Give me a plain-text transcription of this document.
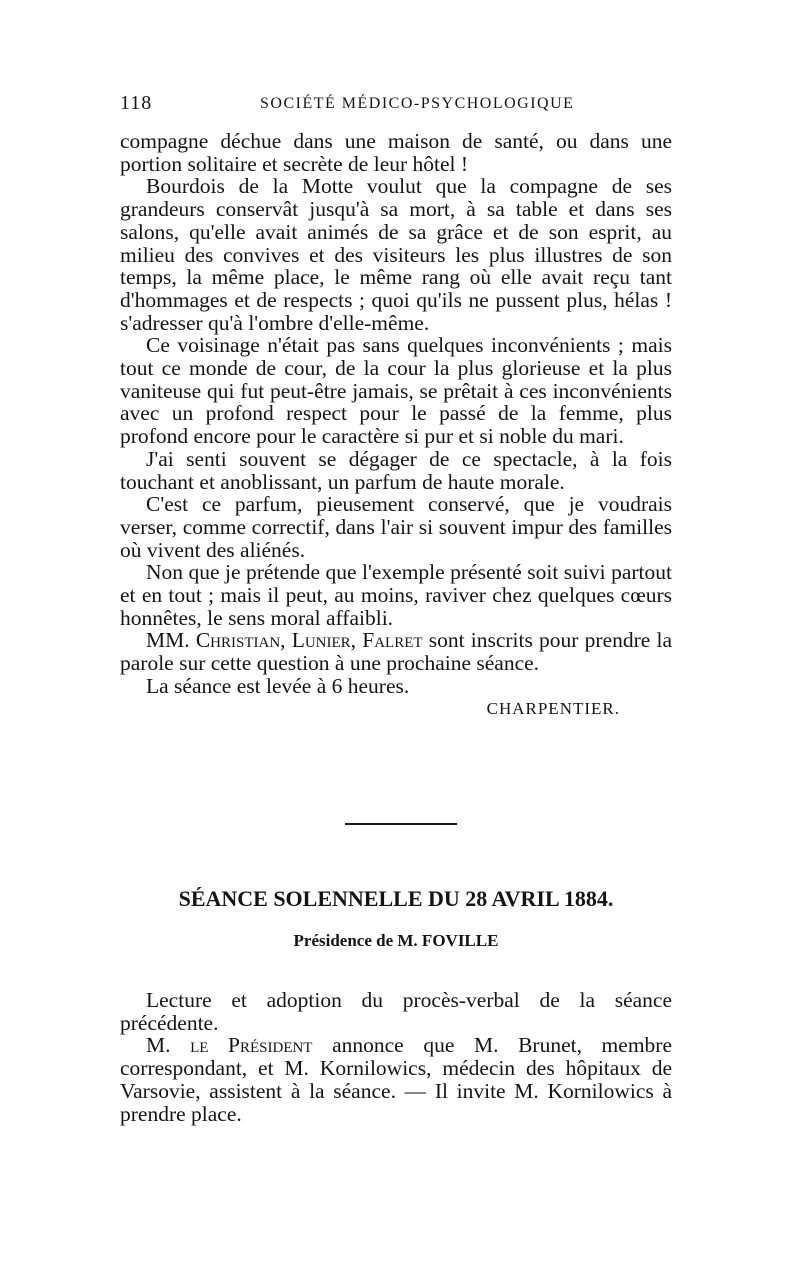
118	SOCIÉTÉ MÉDICO-PSYCHOLOGIQUE

compagne déchue dans une maison de santé, ou dans une portion solitaire et secrète de leur hôtel !

Bourdois de la Motte voulut que la compagne de ses grandeurs conservât jusqu'à sa mort, à sa table et dans ses salons, qu'elle avait animés de sa grâce et de son esprit, au milieu des convives et des visiteurs les plus illustres de son temps, la même place, le même rang où elle avait reçu tant d'hommages et de respects ; quoi qu'ils ne pussent plus, hélas ! s'adresser qu'à l'ombre d'elle-même.

Ce voisinage n'était pas sans quelques inconvénients ; mais tout ce monde de cour, de la cour la plus glorieuse et la plus vaniteuse qui fut peut-être jamais, se prêtait à ces inconvénients avec un profond respect pour le passé de la femme, plus profond encore pour le caractère si pur et si noble du mari.

J'ai senti souvent se dégager de ce spectacle, à la fois touchant et anoblissant, un parfum de haute morale.

C'est ce parfum, pieusement conservé, que je voudrais verser, comme correctif, dans l'air si souvent impur des familles où vivent des aliénés.

Non que je prétende que l'exemple présenté soit suivi partout et en tout ; mais il peut, au moins, raviver chez quelques cœurs honnêtes, le sens moral affaibli.

MM. Christian, Lunier, Falret sont inscrits pour prendre la parole sur cette question à une prochaine séance.

La séance est levée à 6 heures.

CHARPENTIER.

SÉANCE SOLENNELLE DU 28 AVRIL 1884.
Présidence de M. FOVILLE

Lecture et adoption du procès-verbal de la séance précédente.

M. le Président annonce que M. Brunet, membre correspondant, et M. Kornilowics, médecin des hôpitaux de Varsovie, assistent à la séance. — Il invite M. Kornilowics à prendre place.
